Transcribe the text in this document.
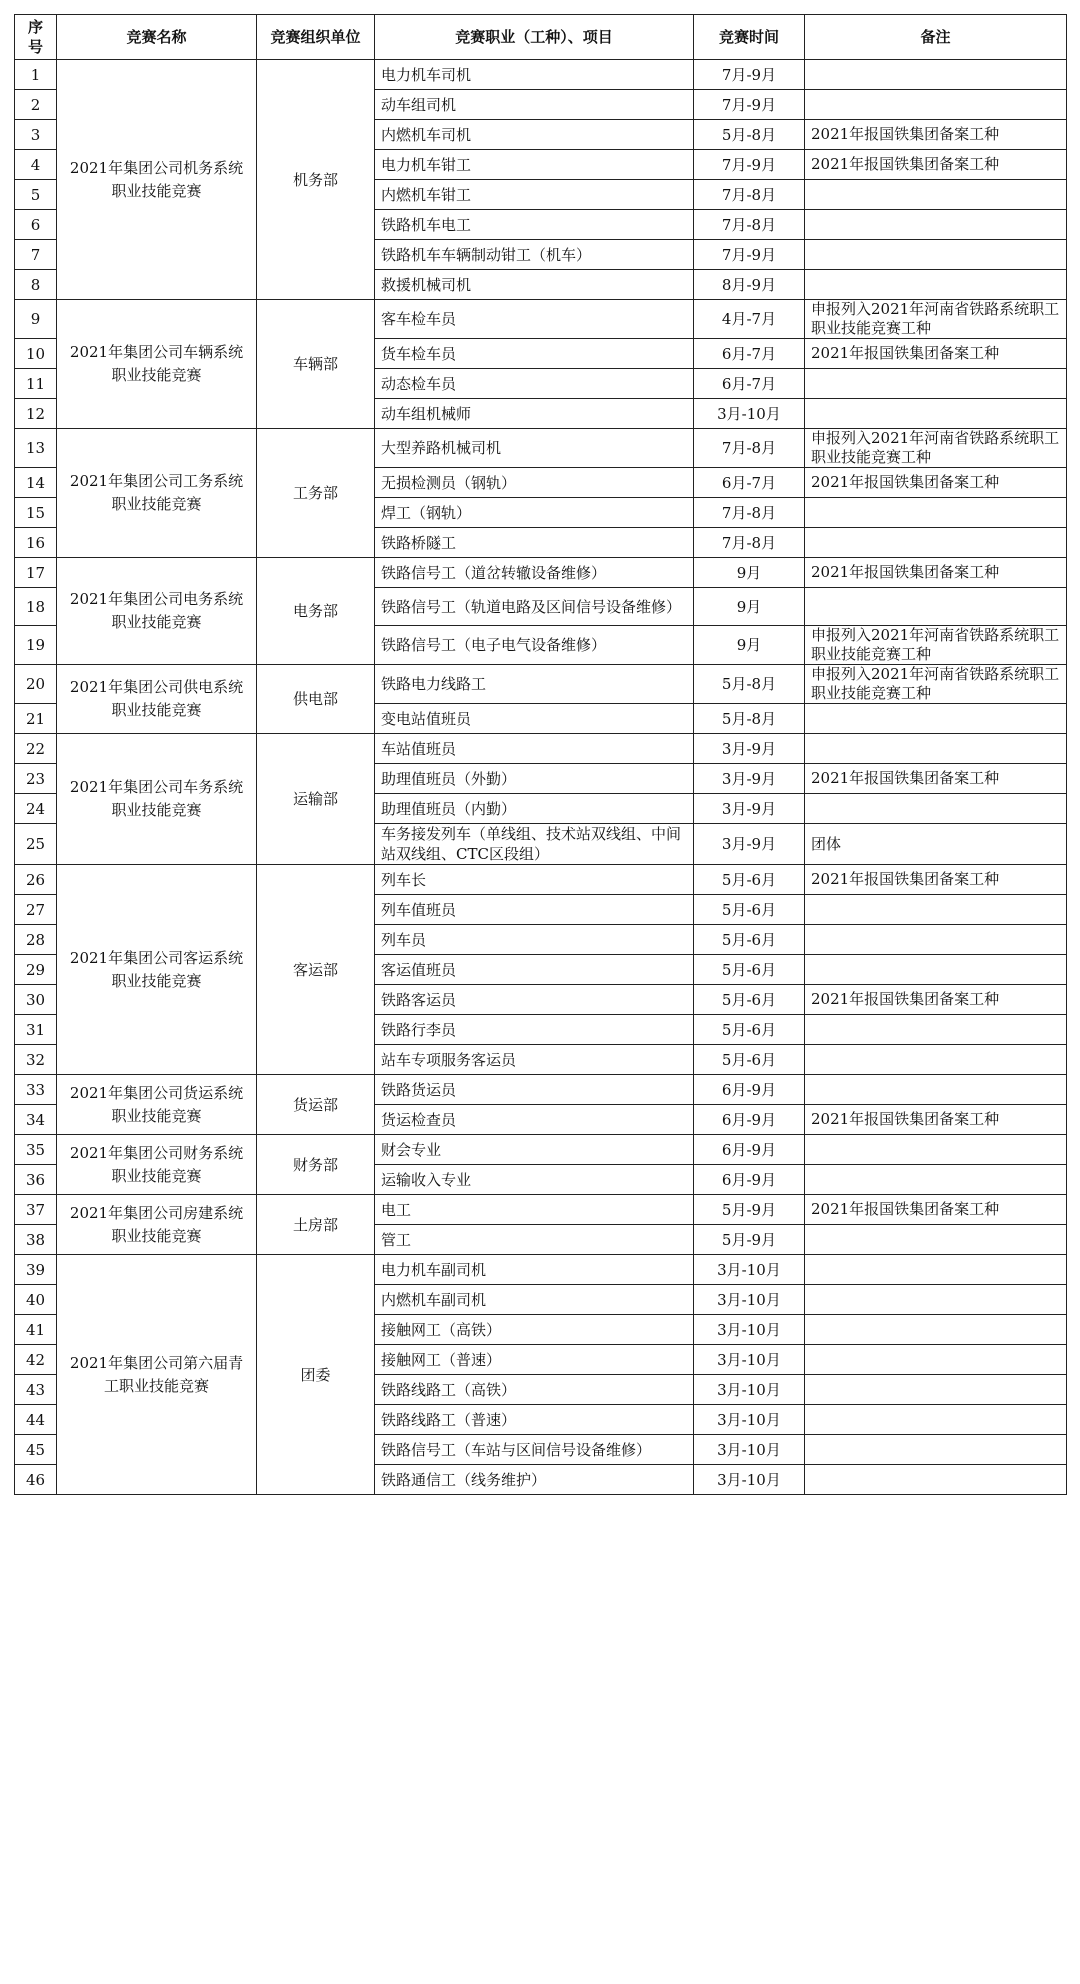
序号	竞赛名称	竞赛组织单位	竞赛职业（工种）、项目	竞赛时间	备注
1	2021年集团公司机务系统职业技能竞赛	机务部	电力机车司机	7月-9月	
2			动车组司机	7月-9月	
3			内燃机车司机	5月-8月	2021年报国铁集团备案工种
4			电力机车钳工	7月-9月	2021年报国铁集团备案工种
5			内燃机车钳工	7月-8月	
6			铁路机车电工	7月-8月	
7			铁路机车车辆制动钳工（机车）	7月-9月	
8			救援机械司机	8月-9月	
9	2021年集团公司车辆系统职业技能竞赛	车辆部	客车检车员	4月-7月	申报列入2021年河南省铁路系统职工职业技能竞赛工种
10			货车检车员	6月-7月	2021年报国铁集团备案工种
11			动态检车员	6月-7月	
12			动车组机械师	3月-10月	
13	2021年集团公司工务系统职业技能竞赛	工务部	大型养路机械司机	7月-8月	申报列入2021年河南省铁路系统职工职业技能竞赛工种
14			无损检测员（钢轨）	6月-7月	2021年报国铁集团备案工种
15			焊工（钢轨）	7月-8月	
16			铁路桥隧工	7月-8月	
17	2021年集团公司电务系统职业技能竞赛	电务部	铁路信号工（道岔转辙设备维修）	9月	2021年报国铁集团备案工种
18			铁路信号工（轨道电路及区间信号设备维修）	9月	
19			铁路信号工（电子电气设备维修）	9月	申报列入2021年河南省铁路系统职工职业技能竞赛工种
20	2021年集团公司供电系统职业技能竞赛	供电部	铁路电力线路工	5月-8月	申报列入2021年河南省铁路系统职工职业技能竞赛工种
21			变电站值班员	5月-8月	
22	2021年集团公司车务系统职业技能竞赛	运输部	车站值班员	3月-9月	
23			助理值班员（外勤）	3月-9月	2021年报国铁集团备案工种
24			助理值班员（内勤）	3月-9月	
25			车务接发列车（单线组、技术站双线组、中间站双线组、CTC区段组）	3月-9月	团体
26	2021年集团公司客运系统职业技能竞赛	客运部	列车长	5月-6月	2021年报国铁集团备案工种
27			列车值班员	5月-6月	
28			列车员	5月-6月	
29			客运值班员	5月-6月	
30			铁路客运员	5月-6月	2021年报国铁集团备案工种
31			铁路行李员	5月-6月	
32			站车专项服务客运员	5月-6月	
33	2021年集团公司货运系统职业技能竞赛	货运部	铁路货运员	6月-9月	
34			货运检查员	6月-9月	2021年报国铁集团备案工种
35	2021年集团公司财务系统职业技能竞赛	财务部	财会专业	6月-9月	
36			运输收入专业	6月-9月	
37	2021年集团公司房建系统职业技能竞赛	土房部	电工	5月-9月	2021年报国铁集团备案工种
38			管工	5月-9月	
39	2021年集团公司第六届青工职业技能竞赛	团委	电力机车副司机	3月-10月	
40			内燃机车副司机	3月-10月	
41			接触网工（高铁）	3月-10月	
42			接触网工（普速）	3月-10月	
43			铁路线路工（高铁）	3月-10月	
44			铁路线路工（普速）	3月-10月	
45			铁路信号工（车站与区间信号设备维修）	3月-10月	
46			铁路通信工（线务维护）	3月-10月	
